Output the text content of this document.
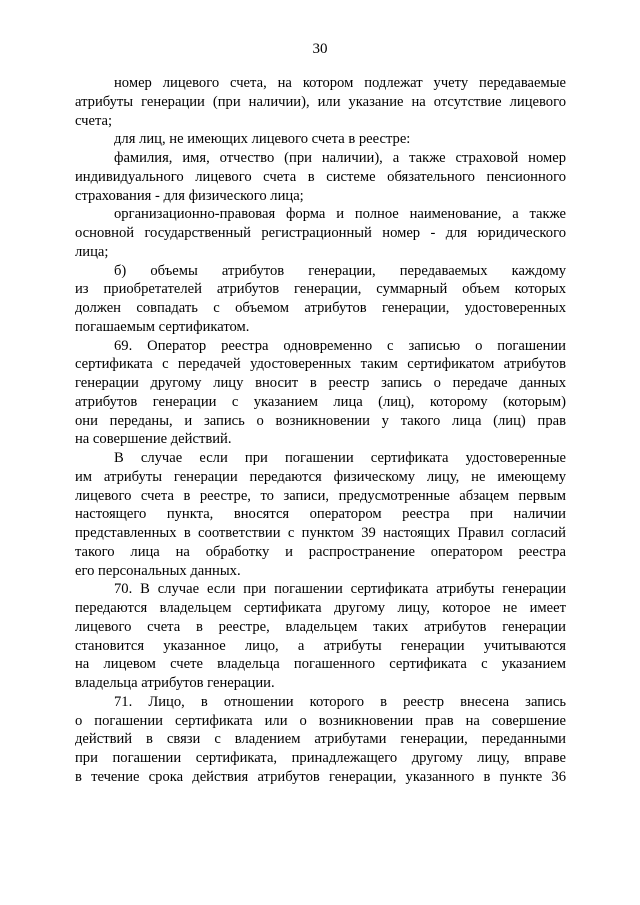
30
номер лицевого счета, на котором подлежат учету передаваемые
атрибуты генерации (при наличии), или указание на отсутствие лицевого
счета;
для лиц, не имеющих лицевого счета в реестре:
фамилия, имя, отчество (при наличии), а также страховой номер
индивидуального лицевого счета в системе обязательного пенсионного
страхования - для физического лица;
организационно-правовая форма и полное наименование, а также
основной государственный регистрационный номер - для юридического
лица;
б) объемы атрибутов генерации, передаваемых каждому
из приобретателей атрибутов генерации, суммарный объем которых
должен совпадать с объемом атрибутов генерации, удостоверенных
погашаемым сертификатом.
69. Оператор реестра одновременно с записью о погашении
сертификата с передачей удостоверенных таким сертификатом атрибутов
генерации другому лицу вносит в реестр запись о передаче данных
атрибутов генерации с указанием лица (лиц), которому (которым)
они переданы, и запись о возникновении у такого лица (лиц) прав
на совершение действий.
В случае если при погашении сертификата удостоверенные
им атрибуты генерации передаются физическому лицу, не имеющему
лицевого счета в реестре, то записи, предусмотренные абзацем первым
настоящего пункта, вносятся оператором реестра при наличии
представленных в соответствии с пунктом 39 настоящих Правил согласий
такого лица на обработку и распространение оператором реестра
его персональных данных.
70. В случае если при погашении сертификата атрибуты генерации
передаются владельцем сертификата другому лицу, которое не имеет
лицевого счета в реестре, владельцем таких атрибутов генерации
становится указанное лицо, а атрибуты генерации учитываются
на лицевом счете владельца погашенного сертификата с указанием
владельца атрибутов генерации.
71. Лицо, в отношении которого в реестр внесена запись
о погашении сертификата или о возникновении прав на совершение
действий в связи с владением атрибутами генерации, переданными
при погашении сертификата, принадлежащего другому лицу, вправе
в течение срока действия атрибутов генерации, указанного в пункте 36
